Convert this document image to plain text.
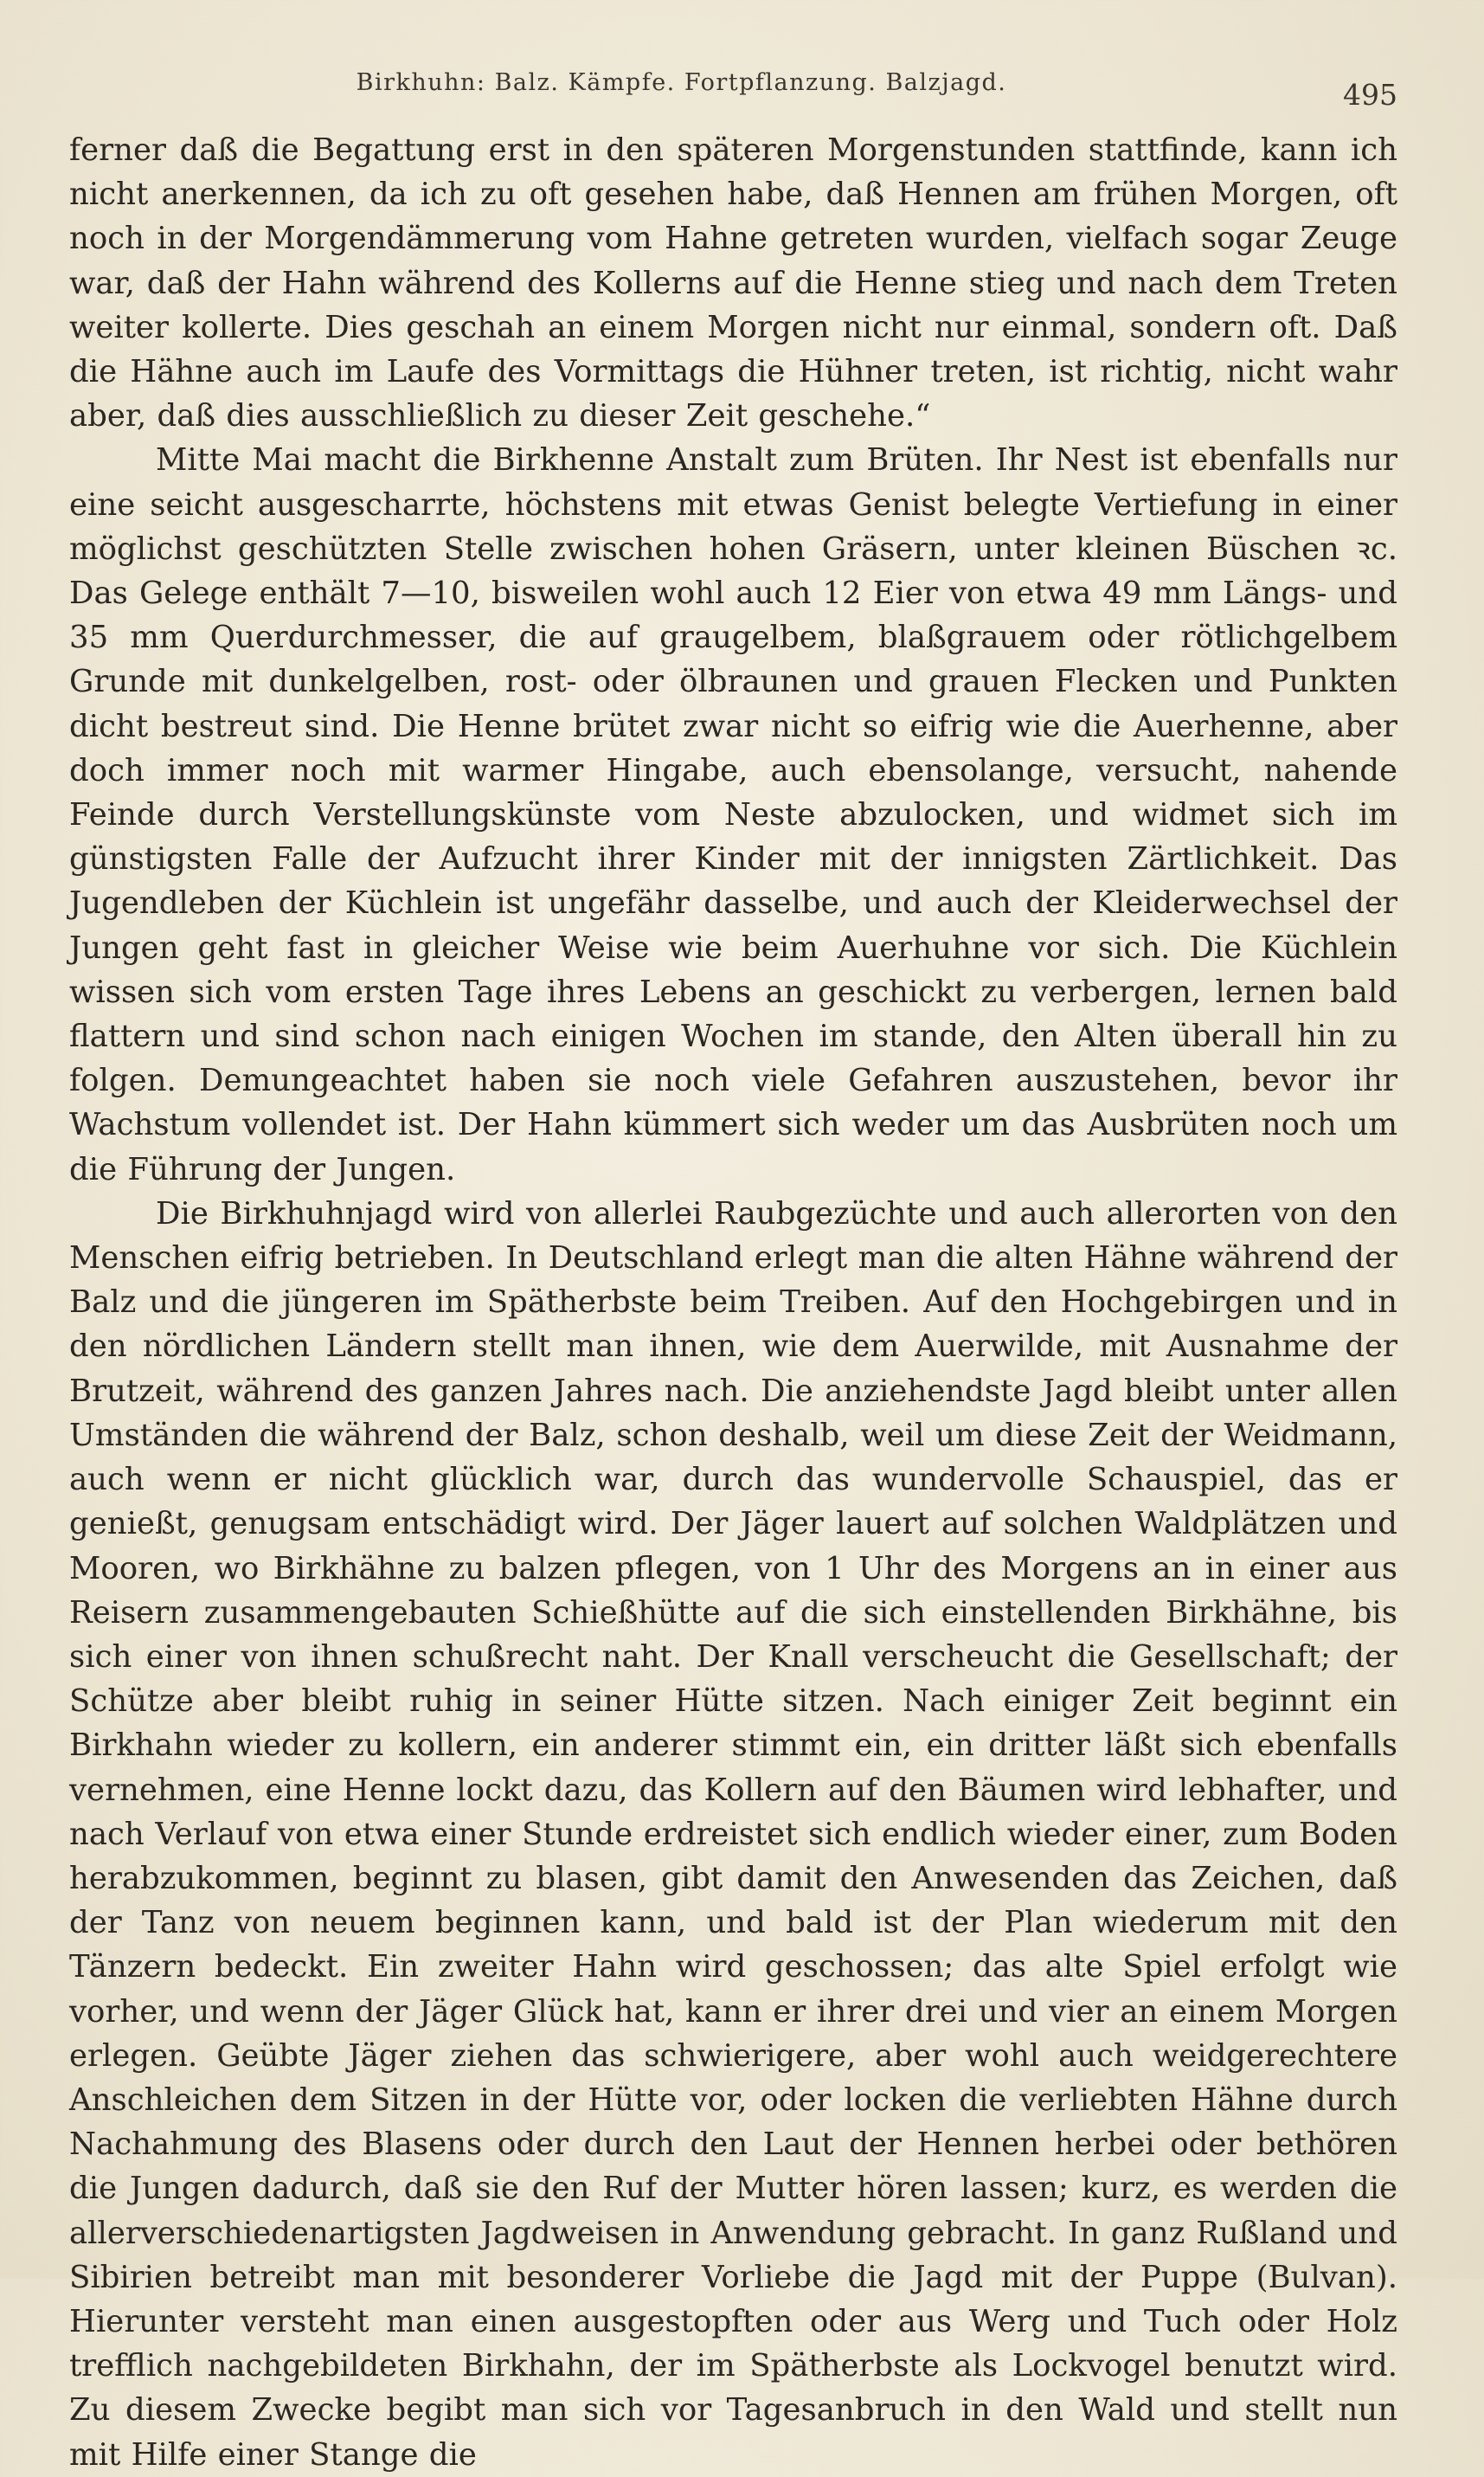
Birkhuhn: Balz. Kämpfe. Fortpflanzung. Balzjagd.	495

ferner daß die Begattung erst in den späteren Morgenstunden stattfinde, kann ich nicht anerkennen, da ich zu oft gesehen habe, daß Hennen am frühen Morgen, oft noch in der Morgendämmerung vom Hahne getreten wurden, vielfach sogar Zeuge war, daß der Hahn während des Kollerns auf die Henne stieg und nach dem Treten weiter kollerte. Dies geschah an einem Morgen nicht nur einmal, sondern oft. Daß die Hähne auch im Laufe des Vormittags die Hühner treten, ist richtig, nicht wahr aber, daß dies ausschließlich zu dieser Zeit geschehe.“

Mitte Mai macht die Birkhenne Anstalt zum Brüten. Ihr Nest ist ebenfalls nur eine seicht ausgescharrte, höchstens mit etwas Genist belegte Vertiefung in einer möglichst geschützten Stelle zwischen hohen Gräsern, unter kleinen Büschen ꝛc. Das Gelege enthält 7—10, bisweilen wohl auch 12 Eier von etwa 49 mm Längs- und 35 mm Querdurchmesser, die auf graugelbem, blaßgrauem oder rötlichgelbem Grunde mit dunkelgelben, rost- oder ölbraunen und grauen Flecken und Punkten dicht bestreut sind. Die Henne brütet zwar nicht so eifrig wie die Auerhenne, aber doch immer noch mit warmer Hingabe, auch ebensolange, versucht, nahende Feinde durch Verstellungskünste vom Neste abzulocken, und widmet sich im günstigsten Falle der Aufzucht ihrer Kinder mit der innigsten Zärtlichkeit. Das Jugendleben der Küchlein ist ungefähr dasselbe, und auch der Kleiderwechsel der Jungen geht fast in gleicher Weise wie beim Auerhuhne vor sich. Die Küchlein wissen sich vom ersten Tage ihres Lebens an geschickt zu verbergen, lernen bald flattern und sind schon nach einigen Wochen im stande, den Alten überall hin zu folgen. Demungeachtet haben sie noch viele Gefahren auszustehen, bevor ihr Wachstum vollendet ist. Der Hahn kümmert sich weder um das Ausbrüten noch um die Führung der Jungen.

Die Birkhuhnjagd wird von allerlei Raubgezüchte und auch allerorten von den Menschen eifrig betrieben. In Deutschland erlegt man die alten Hähne während der Balz und die jüngeren im Spätherbste beim Treiben. Auf den Hochgebirgen und in den nördlichen Ländern stellt man ihnen, wie dem Auerwilde, mit Ausnahme der Brutzeit, während des ganzen Jahres nach. Die anziehendste Jagd bleibt unter allen Umständen die während der Balz, schon deshalb, weil um diese Zeit der Weidmann, auch wenn er nicht glücklich war, durch das wundervolle Schauspiel, das er genießt, genugsam entschädigt wird. Der Jäger lauert auf solchen Waldplätzen und Mooren, wo Birkhähne zu balzen pflegen, von 1 Uhr des Morgens an in einer aus Reisern zusammengebauten Schießhütte auf die sich einstellenden Birkhähne, bis sich einer von ihnen schußrecht naht. Der Knall verscheucht die Gesellschaft; der Schütze aber bleibt ruhig in seiner Hütte sitzen. Nach einiger Zeit beginnt ein Birkhahn wieder zu kollern, ein anderer stimmt ein, ein dritter läßt sich ebenfalls vernehmen, eine Henne lockt dazu, das Kollern auf den Bäumen wird lebhafter, und nach Verlauf von etwa einer Stunde erdreistet sich endlich wieder einer, zum Boden herabzukommen, beginnt zu blasen, gibt damit den Anwesenden das Zeichen, daß der Tanz von neuem beginnen kann, und bald ist der Plan wiederum mit den Tänzern bedeckt. Ein zweiter Hahn wird geschossen; das alte Spiel erfolgt wie vorher, und wenn der Jäger Glück hat, kann er ihrer drei und vier an einem Morgen erlegen. Geübte Jäger ziehen das schwierigere, aber wohl auch weidgerechtere Anschleichen dem Sitzen in der Hütte vor, oder locken die verliebten Hähne durch Nachahmung des Blasens oder durch den Laut der Hennen herbei oder bethören die Jungen dadurch, daß sie den Ruf der Mutter hören lassen; kurz, es werden die allerverschiedenartigsten Jagdweisen in Anwendung gebracht. In ganz Rußland und Sibirien betreibt man mit besonderer Vorliebe die Jagd mit der Puppe (Bulvan). Hierunter versteht man einen ausgestopften oder aus Werg und Tuch oder Holz trefflich nachgebildeten Birkhahn, der im Spätherbste als Lockvogel benutzt wird. Zu diesem Zwecke begibt man sich vor Tagesanbruch in den Wald und stellt nun mit Hilfe einer Stange die
